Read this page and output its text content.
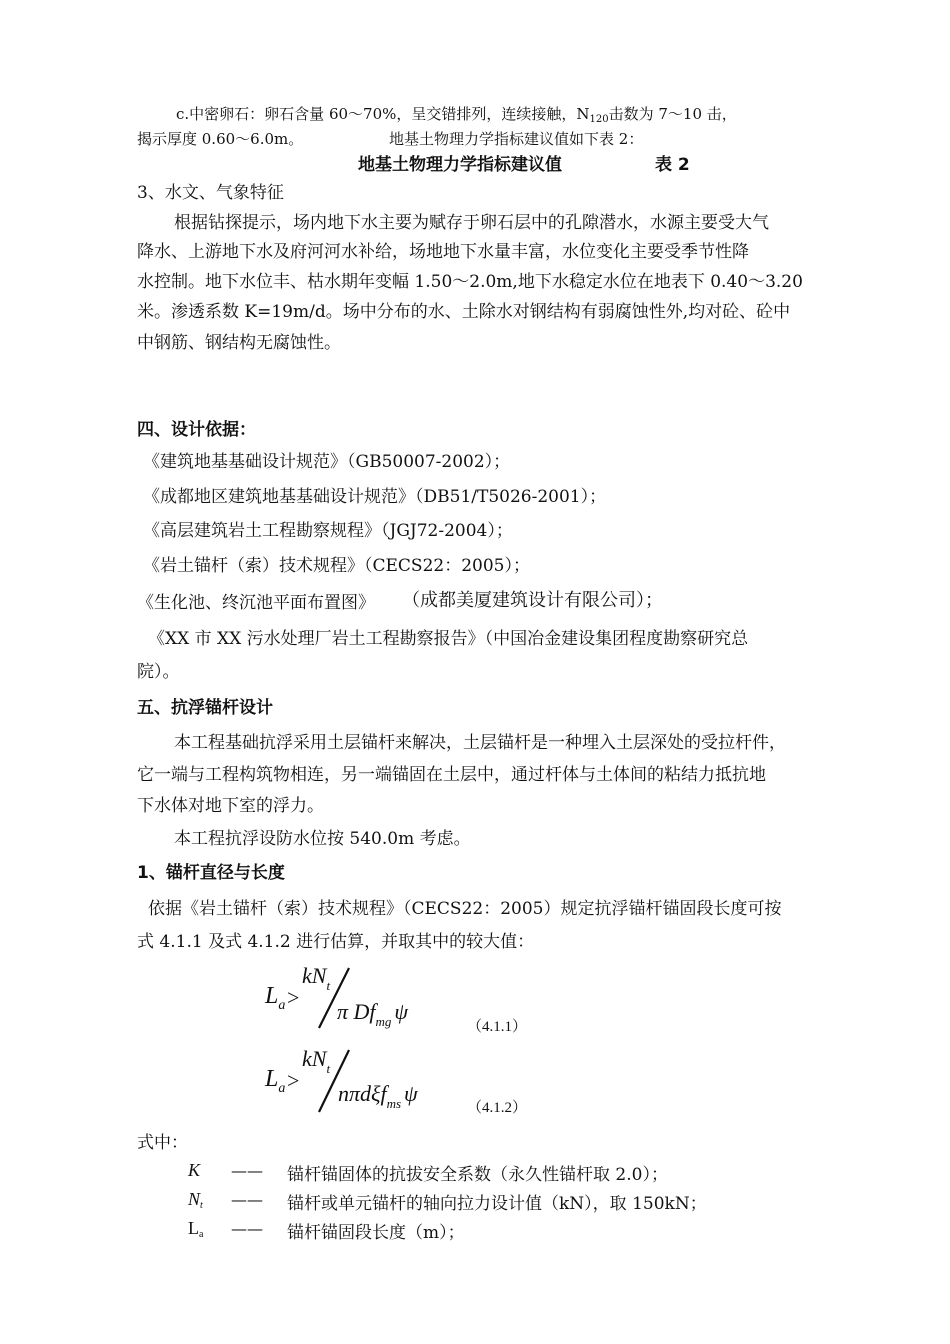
c.中密卵石：卵石含量 60～70%，呈交错排列，连续接触，$N_{120}$击数为 7～10 击，
揭示厚度 0.60～6.0m。	地基土物理力学指标建议值如下表 2：
地基土物理力学指标建议值	表 2
3、水文、气象特征
根据钻探提示，场内地下水主要为赋存于卵石层中的孔隙潜水，水源主要受大气
降水、上游地下水及府河河水补给，场地地下水量丰富，水位变化主要受季节性降
水控制。地下水位丰、枯水期年变幅 1.50～2.0m,地下水稳定水位在地表下 0.40～3.20
米。渗透系数 K=19m/d。场中分布的水、土除水对钢结构有弱腐蚀性外,均对砼、砼中
中钢筋、钢结构无腐蚀性。
四、设计依据：
《建筑地基基础设计规范》（GB50007-2002）；
《成都地区建筑地基基础设计规范》（DB51/T5026-2001）；
《高层建筑岩土工程勘察规程》（JGJ72-2004）；
《岩土锚杆（索）技术规程》（CECS22：2005）；
《生化池、终沉池平面布置图》 （成都美厦建筑设计有限公司）；
《XX 市 XX 污水处理厂岩土工程勘察报告》（中国冶金建设集团程度勘察研究总
院）。
五、抗浮锚杆设计
本工程基础抗浮采用土层锚杆来解决，土层锚杆是一种埋入土层深处的受拉杆件，
它一端与工程构筑物相连，另一端锚固在土层中，通过杆体与土体间的粘结力抵抗地
下水体对地下室的浮力。
本工程抗浮设防水位按 540.0m 考虑。
1、锚杆直径与长度
依据《岩土锚杆（索）技术规程》（CECS22：2005）规定抗浮锚杆锚固段长度可按
式 4.1.1 及式 4.1.2 进行估算，并取其中的较大值：
$L_a$ >
$kN_t$
π $Df_{mg}$ ψ
（4.1.1）
$L_a$ >
$kN_t$
nπdξf$_{ms}$ ψ
（4.1.2）
式中：
K —— 锚杆锚固体的抗拔安全系数（永久性锚杆取 2.0）；
Nt —— 锚杆或单元锚杆的轴向拉力设计值（kN），取 150kN；
La —— 锚杆锚固段长度（m）；
